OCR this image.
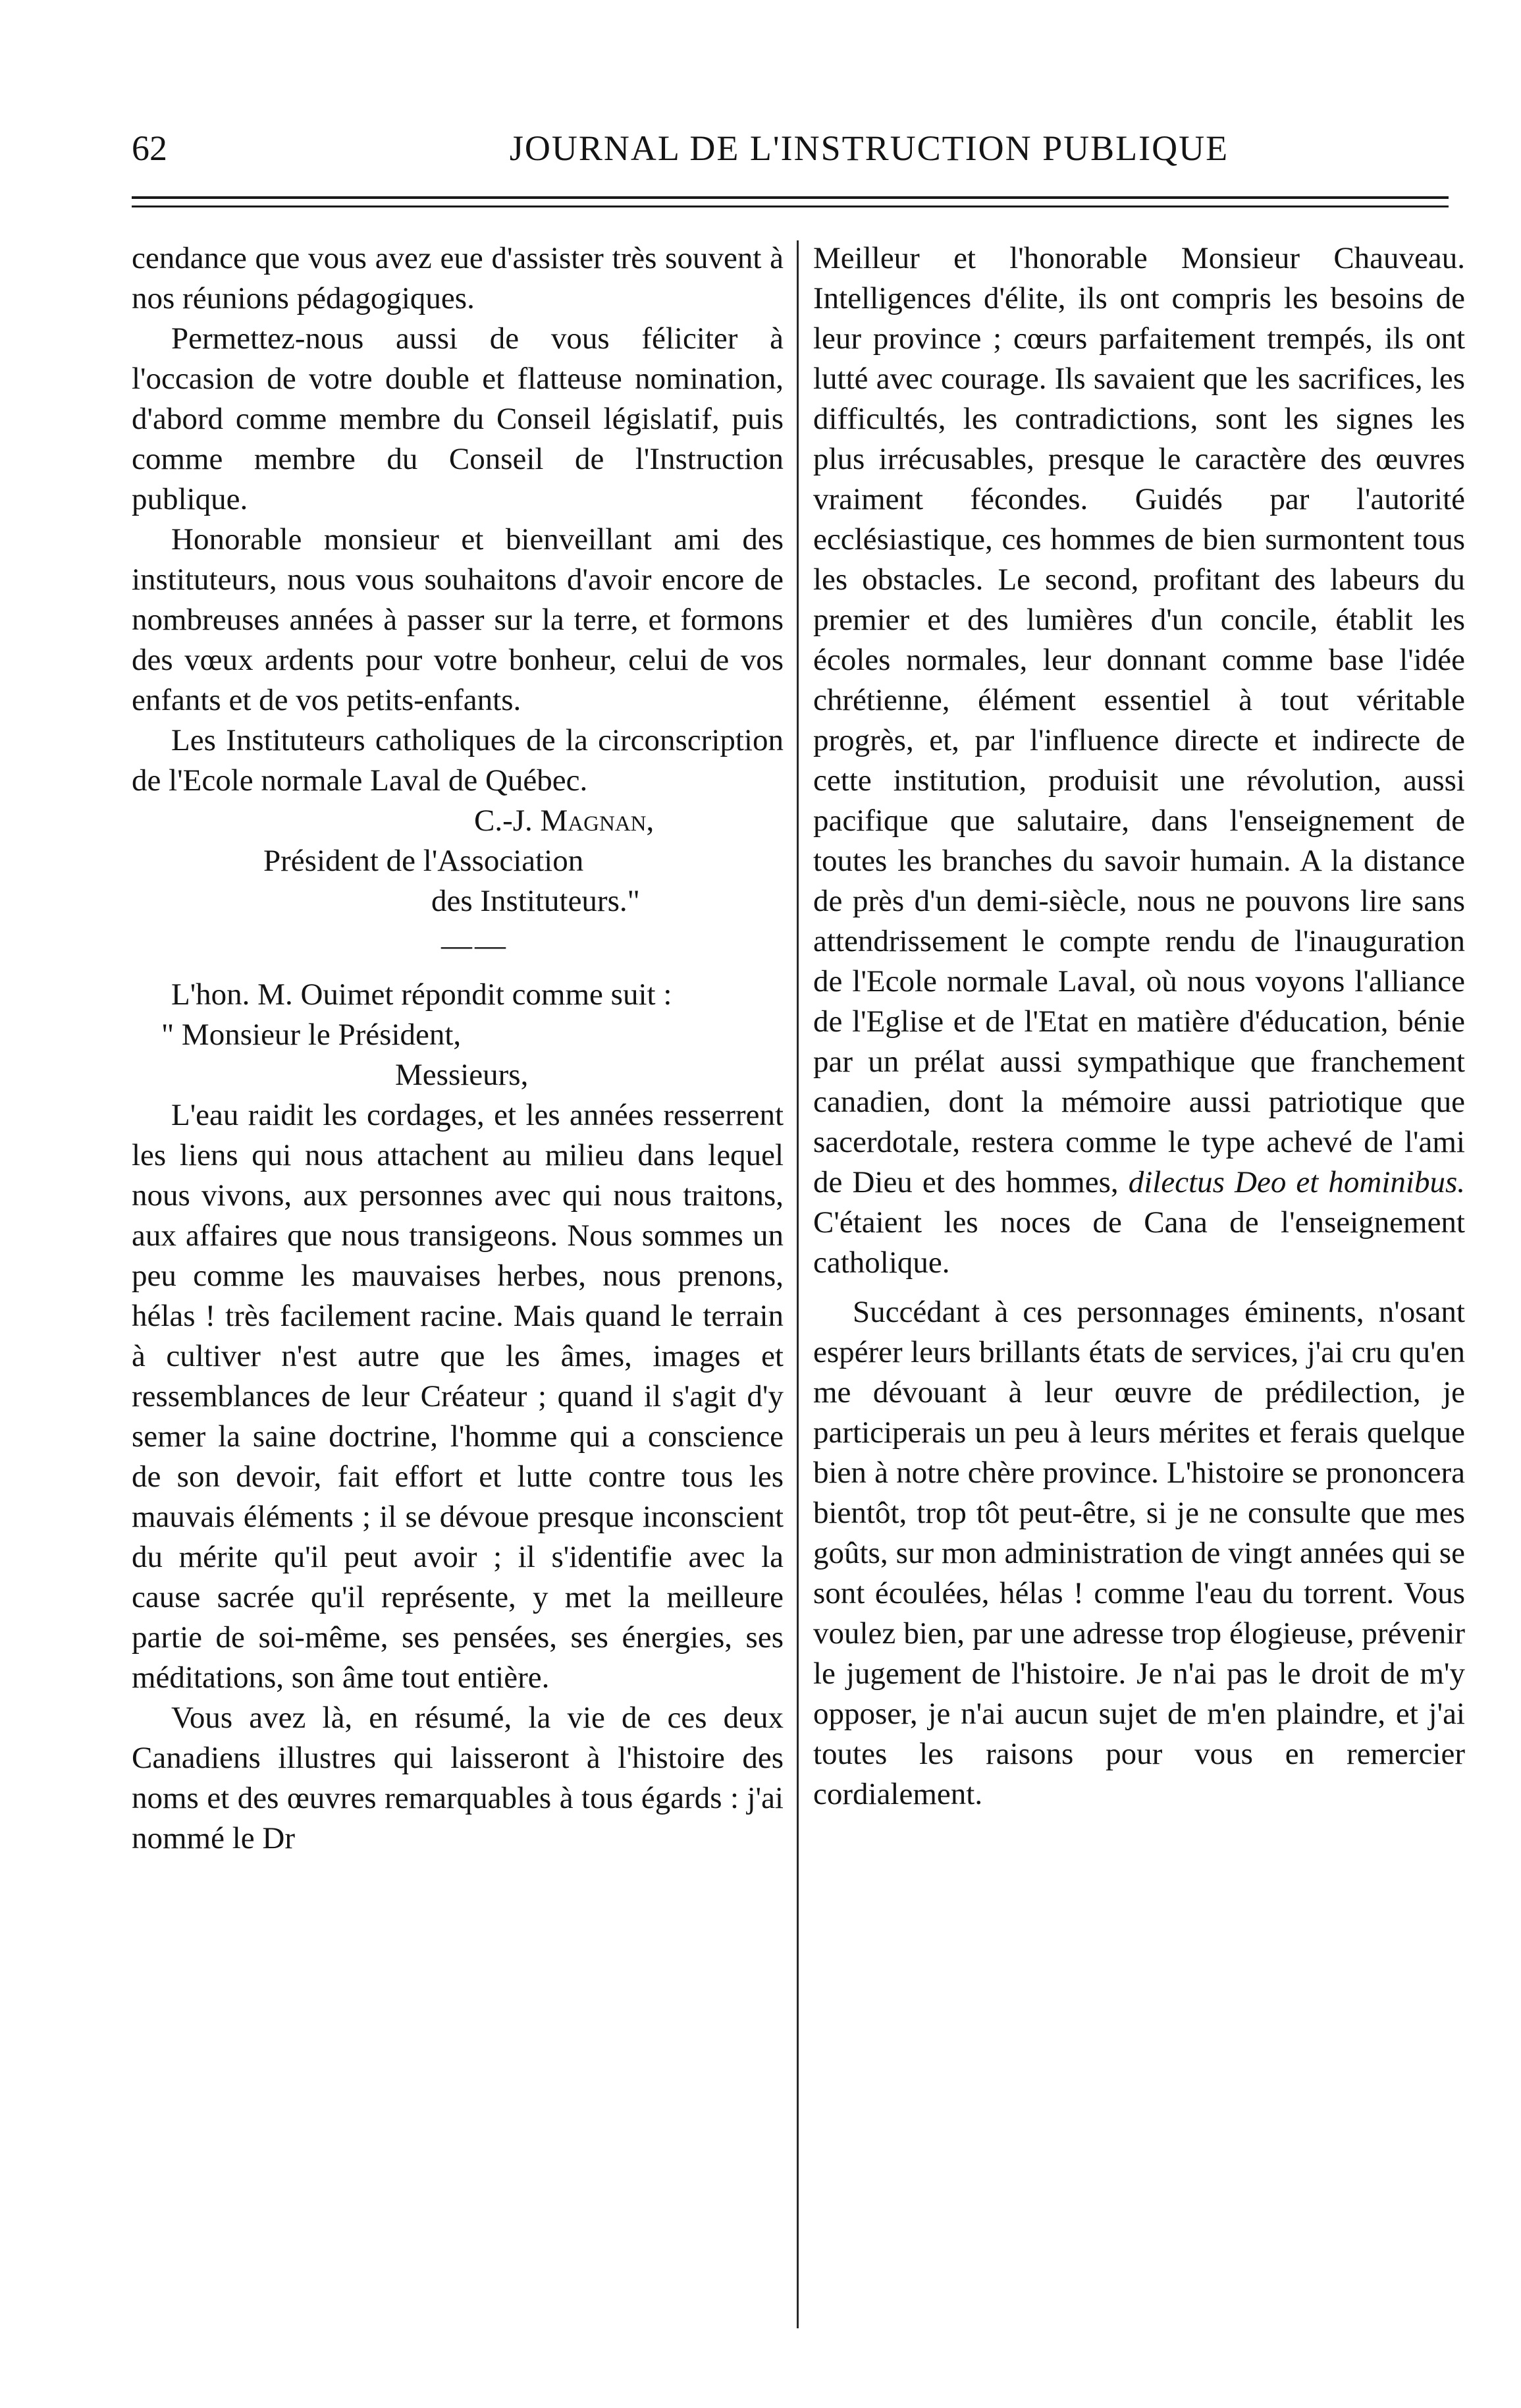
62	JOURNAL DE L'INSTRUCTION PUBLIQUE

cendance que vous avez eue d'assister très souvent à nos réunions pédagogiques.

Permettez-nous aussi de vous féliciter à l'occasion de votre double et flatteuse nomination, d'abord comme membre du Conseil législatif, puis comme membre du Conseil de l'Instruction publique.

Honorable monsieur et bienveillant ami des instituteurs, nous vous souhaitons d'avoir encore de nombreuses années à passer sur la terre, et formons des vœux ardents pour votre bonheur, celui de vos enfants et de vos petits-enfants.

Les Instituteurs catholiques de la circonscription de l'Ecole normale Laval de Québec.

C.-J. Magnan,

Président de l'Association

des Instituteurs."

——

L'hon. M. Ouimet répondit comme suit :

" Monsieur le Président,

Messieurs,

L'eau raidit les cordages, et les années resserrent les liens qui nous attachent au milieu dans lequel nous vivons, aux personnes avec qui nous traitons, aux affaires que nous transigeons. Nous sommes un peu comme les mauvaises herbes, nous prenons, hélas ! très facilement racine. Mais quand le terrain à cultiver n'est autre que les âmes, images et ressemblances de leur Créateur ; quand il s'agit d'y semer la saine doctrine, l'homme qui a conscience de son devoir, fait effort et lutte contre tous les mauvais éléments ; il se dévoue presque inconscient du mérite qu'il peut avoir ; il s'identifie avec la cause sacrée qu'il représente, y met la meilleure partie de soi-même, ses pensées, ses énergies, ses méditations, son âme tout entière.

Vous avez là, en résumé, la vie de ces deux Canadiens illustres qui laisseront à l'histoire des noms et des œuvres remarquables à tous égards : j'ai nommé le Dr

Meilleur et l'honorable Monsieur Chauveau. Intelligences d'élite, ils ont compris les besoins de leur province ; cœurs parfaitement trempés, ils ont lutté avec courage. Ils savaient que les sacrifices, les difficultés, les contradictions, sont les signes les plus irrécusables, presque le caractère des œuvres vraiment fécondes. Guidés par l'autorité ecclésiastique, ces hommes de bien surmontent tous les obstacles. Le second, profitant des labeurs du premier et des lumières d'un concile, établit les écoles normales, leur donnant comme base l'idée chrétienne, élément essentiel à tout véritable progrès, et, par l'influence directe et indirecte de cette institution, produisit une révolution, aussi pacifique que salutaire, dans l'enseignement de toutes les branches du savoir humain. A la distance de près d'un demi-siècle, nous ne pouvons lire sans attendrissement le compte rendu de l'inauguration de l'Ecole normale Laval, où nous voyons l'alliance de l'Eglise et de l'Etat en matière d'éducation, bénie par un prélat aussi sympathique que franchement canadien, dont la mémoire aussi patriotique que sacerdotale, restera comme le type achevé de l'ami de Dieu et des hommes, dilectus Deo et hominibus. C'étaient les noces de Cana de l'enseignement catholique.

Succédant à ces personnages éminents, n'osant espérer leurs brillants états de services, j'ai cru qu'en me dévouant à leur œuvre de prédilection, je participerais un peu à leurs mérites et ferais quelque bien à notre chère province. L'histoire se prononcera bientôt, trop tôt peut-être, si je ne consulte que mes goûts, sur mon administration de vingt années qui se sont écoulées, hélas ! comme l'eau du torrent. Vous voulez bien, par une adresse trop élogieuse, prévenir le jugement de l'histoire. Je n'ai pas le droit de m'y opposer, je n'ai aucun sujet de m'en plaindre, et j'ai toutes les raisons pour vous en remercier cordialement.
